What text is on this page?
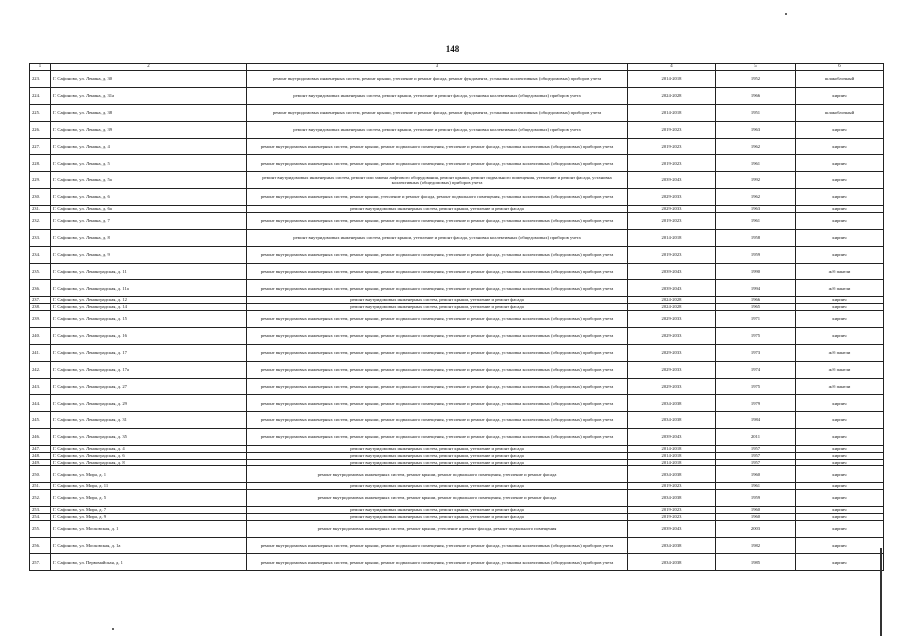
148
1	2	3	4	5	6
223.	Г. Сафоново, ул. Ленина, д. 30	ремонт внутридомовых инженерных систем, ремонт крыши, утепление и ремонт фасада, ремонт фундамента, установка коллективных (общедомовых) приборов учета	2014-2018	1952	шлакоблочный
224.	Г. Сафоново, ул. Ленина, д. 31а	ремонт внутридомовых инженерных систем, ремонт крыши, утепление и ремонт фасада, установка коллективных (общедомовых) приборов учета	2024-2028	1966	кирпич
225.	Г. Сафоново, ул. Ленина, д. 38	ремонт внутридомовых инженерных систем, ремонт крыши, утепление и ремонт фасада, ремонт фундамента, установка коллективных (общедомовых) приборов учета	2014-2018	1951	шлакоблочный
226.	Г. Сафоново, ул. Ленина, д. 39	ремонт внутридомовых инженерных систем, ремонт крыши, утепление и ремонт фасада, установка коллективных (общедомовых) приборов учета	2019-2023	1963	кирпич
227.	Г. Сафоново, ул. Ленина, д. 4	ремонт внутридомовых инженерных систем, ремонт крыши, ремонт подвального помещения, утепление и ремонт фасада, установка коллективных (общедомовых) приборов учета	2019-2023	1962	кирпич
228.	Г. Сафоново, ул. Ленина, д. 5	ремонт внутридомовых инженерных систем, ремонт крыши, ремонт подвального помещения, утепление и ремонт фасада, установка коллективных (общедомовых) приборов учета	2019-2023	1961	кирпич
229.	Г. Сафоново, ул. Ленина, д. 5а	ремонт внутридомовых инженерных систем, ремонт или замена лифтового оборудования, ремонт крыши, ремонт подвального помещения, утепление и ремонт фасада, установка коллективных (общедомовых) приборов учета	2039-2043	1992	кирпич
230.	Г. Сафоново, ул. Ленина, д. 6	ремонт внутридомовых инженерных систем, ремонт крыши, утепление и ремонт фасада, ремонт подвального помещения, установка коллективных (общедомовых) приборов учета	2029-2033	1962	кирпич
231.	Г. Сафоново, ул. Ленина, д. 6а	ремонт внутридомовых инженерных систем, ремонт крыши, утепление и ремонт фасада	2029-2033	1963	кирпич
232.	Г. Сафоново, ул. Ленина, д. 7	ремонт внутридомовых инженерных систем, ремонт крыши, ремонт подвального помещения, утепление и ремонт фасада, установка коллективных (общедомовых) приборов учета	2019-2023	1961	кирпич
233.	Г. Сафоново, ул. Ленина, д. 8	ремонт внутридомовых инженерных систем, ремонт крыши, утепление и ремонт фасада, установка коллективных (общедомовых) приборов учета	2014-2018	1958	кирпич
234.	Г. Сафоново, ул. Ленина, д. 9	ремонт внутридомовых инженерных систем, ремонт крыши, ремонт подвального помещения, утепление и ремонт фасада, установка коллективных (общедомовых) приборов учета	2019-2023	1959	кирпич
235.	Г. Сафоново, ул. Ленинградская, д. 11	ремонт внутридомовых инженерных систем, ремонт крыши, ремонт подвального помещения, утепление и ремонт фасада, установка коллективных (общедомовых) приборов учета	2039-2043	1990	ж/б панели
236.	Г. Сафоново, ул. Ленинградская, д. 11а	ремонт внутридомовых инженерных систем, ремонт крыши, ремонт подвального помещения, утепление и ремонт фасада, установка коллективных (общедомовых) приборов учета	2039-2043	1994	ж/б панели
237.	Г. Сафоново, ул. Ленинградская, д. 12	ремонт внутридомовых инженерных систем, ремонт крыши, утепление и ремонт фасада	2024-2028	1966	кирпич
238.	Г. Сафоново, ул. Ленинградская, д. 14	ремонт внутридомовых инженерных систем, ремонт крыши, утепление и ремонт фасада	2024-2028	1965	кирпич
239.	Г. Сафоново, ул. Ленинградская, д. 15	ремонт внутридомовых инженерных систем, ремонт крыши, ремонт подвального помещения, утепление и ремонт фасада, установка коллективных (общедомовых) приборов учета	2029-2033	1971	кирпич
240.	Г. Сафоново, ул. Ленинградская, д. 16	ремонт внутридомовых инженерных систем, ремонт крыши, ремонт подвального помещения, утепление и ремонт фасада, установка коллективных (общедомовых) приборов учета	2029-2033	1975	кирпич
241.	Г. Сафоново, ул. Ленинградская, д. 17	ремонт внутридомовых инженерных систем, ремонт крыши, ремонт подвального помещения, утепление и ремонт фасада, установка коллективных (общедомовых) приборов учета	2029-2033	1973	ж/б панели
242.	Г. Сафоново, ул. Ленинградская, д. 17а	ремонт внутридомовых инженерных систем, ремонт крыши, ремонт подвального помещения, утепление и ремонт фасада, установка коллективных (общедомовых) приборов учета	2029-2033	1974	ж/б панели
243.	Г. Сафоново, ул. Ленинградская, д. 27	ремонт внутридомовых инженерных систем, ремонт крыши, ремонт подвального помещения, утепление и ремонт фасада, установка коллективных (общедомовых) приборов учета	2029-2033	1975	ж/б панели
244.	Г. Сафоново, ул. Ленинградская, д. 29	ремонт внутридомовых инженерных систем, ремонт крыши, ремонт подвального помещения, утепление и ремонт фасада, установка коллективных (общедомовых) приборов учета	2034-2038	1979	кирпич
245.	Г. Сафоново, ул. Ленинградская, д. 31	ремонт внутридомовых инженерных систем, ремонт крыши, ремонт подвального помещения, утепление и ремонт фасада, установка коллективных (общедомовых) приборов учета	2034-2038	1984	кирпич
246.	Г. Сафоново, ул. Ленинградская, д. 35	ремонт внутридомовых инженерных систем, ремонт крыши, ремонт подвального помещения, утепление и ремонт фасада, установка коллективных (общедомовых) приборов учета	2039-2043	2011	кирпич
247.	Г. Сафоново, ул. Ленинградская, д. 4	ремонт внутридомовых инженерных систем, ремонт крыши, утепление и ремонт фасада	2014-2018	1957	кирпич
248.	Г. Сафоново, ул. Ленинградская, д. 6	ремонт внутридомовых инженерных систем, ремонт крыши, утепление и ремонт фасада	2014-2018	1957	кирпич
249.	Г. Сафоново, ул. Ленинградская, д. 8	ремонт внутридомовых инженерных систем, ремонт крыши, утепление и ремонт фасада	2014-2018	1957	кирпич
250.	Г. Сафоново, ул. Мира, д. 1	ремонт внутридомовых инженерных систем, ремонт крыши, ремонт подвального помещения, утепление и ремонт фасада	2034-2038	1960	кирпич
251.	Г. Сафоново, ул. Мира, д. 11	ремонт внутридомовых инженерных систем, ремонт крыши, утепление и ремонт фасада	2019-2023	1961	кирпич
252.	Г. Сафоново, ул. Мира, д. 5	ремонт внутридомовых инженерных систем, ремонт крыши, ремонт подвального помещения, утепление и ремонт фасада	2034-2038	1959	кирпич
253.	Г. Сафоново, ул. Мира, д. 7	ремонт внутридомовых инженерных систем, ремонт крыши, утепление и ремонт фасада	2019-2023	1960	кирпич
254.	Г. Сафоново, ул. Мира, д. 9	ремонт внутридомовых инженерных систем, ремонт крыши, утепление и ремонт фасада	2019-2023	1960	кирпич
255.	Г. Сафоново, ул. Московская, д. 1	ремонт внутридомовых инженерных систем, ремонт крыши, утепление и ремонт фасада, ремонт подвального помещения	2039-2043	2003	кирпич
256.	Г. Сафоново, ул. Московская, д. 1а	ремонт внутридомовых инженерных систем, ремонт крыши, ремонт подвального помещения, утепление и ремонт фасада, установка коллективных (общедомовых) приборов учета	2034-2038	1982	кирпич
257.	Г. Сафоново, ул. Первомайская, д. 1	ремонт внутридомовых инженерных систем, ремонт крыши, ремонт подвального помещения, утепление и ремонт фасада, установка коллективных (общедомовых) приборов учета	2034-2038	1985	кирпич
